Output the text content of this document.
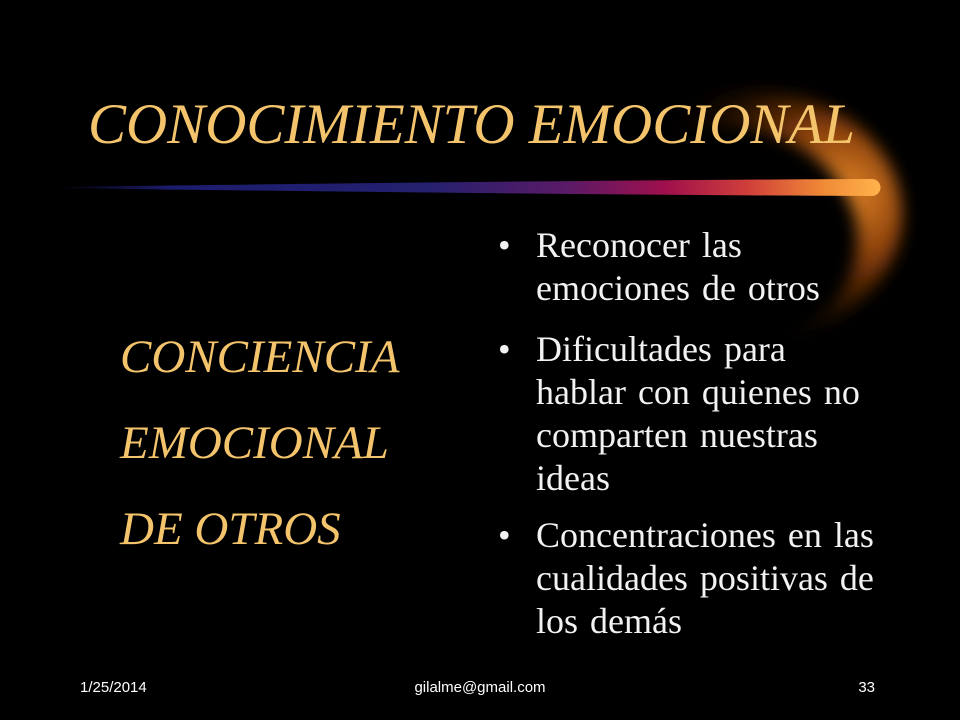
CONOCIMIENTO EMOCIONAL
CONCIENCIA
EMOCIONAL
DE OTROS
• Reconocer las
emociones de otros
• Dificultades para
hablar con quienes no
comparten nuestras
ideas
• Concentraciones en las
cualidades positivas de
los demás
1/25/2014	gilalme@gmail.com	33
